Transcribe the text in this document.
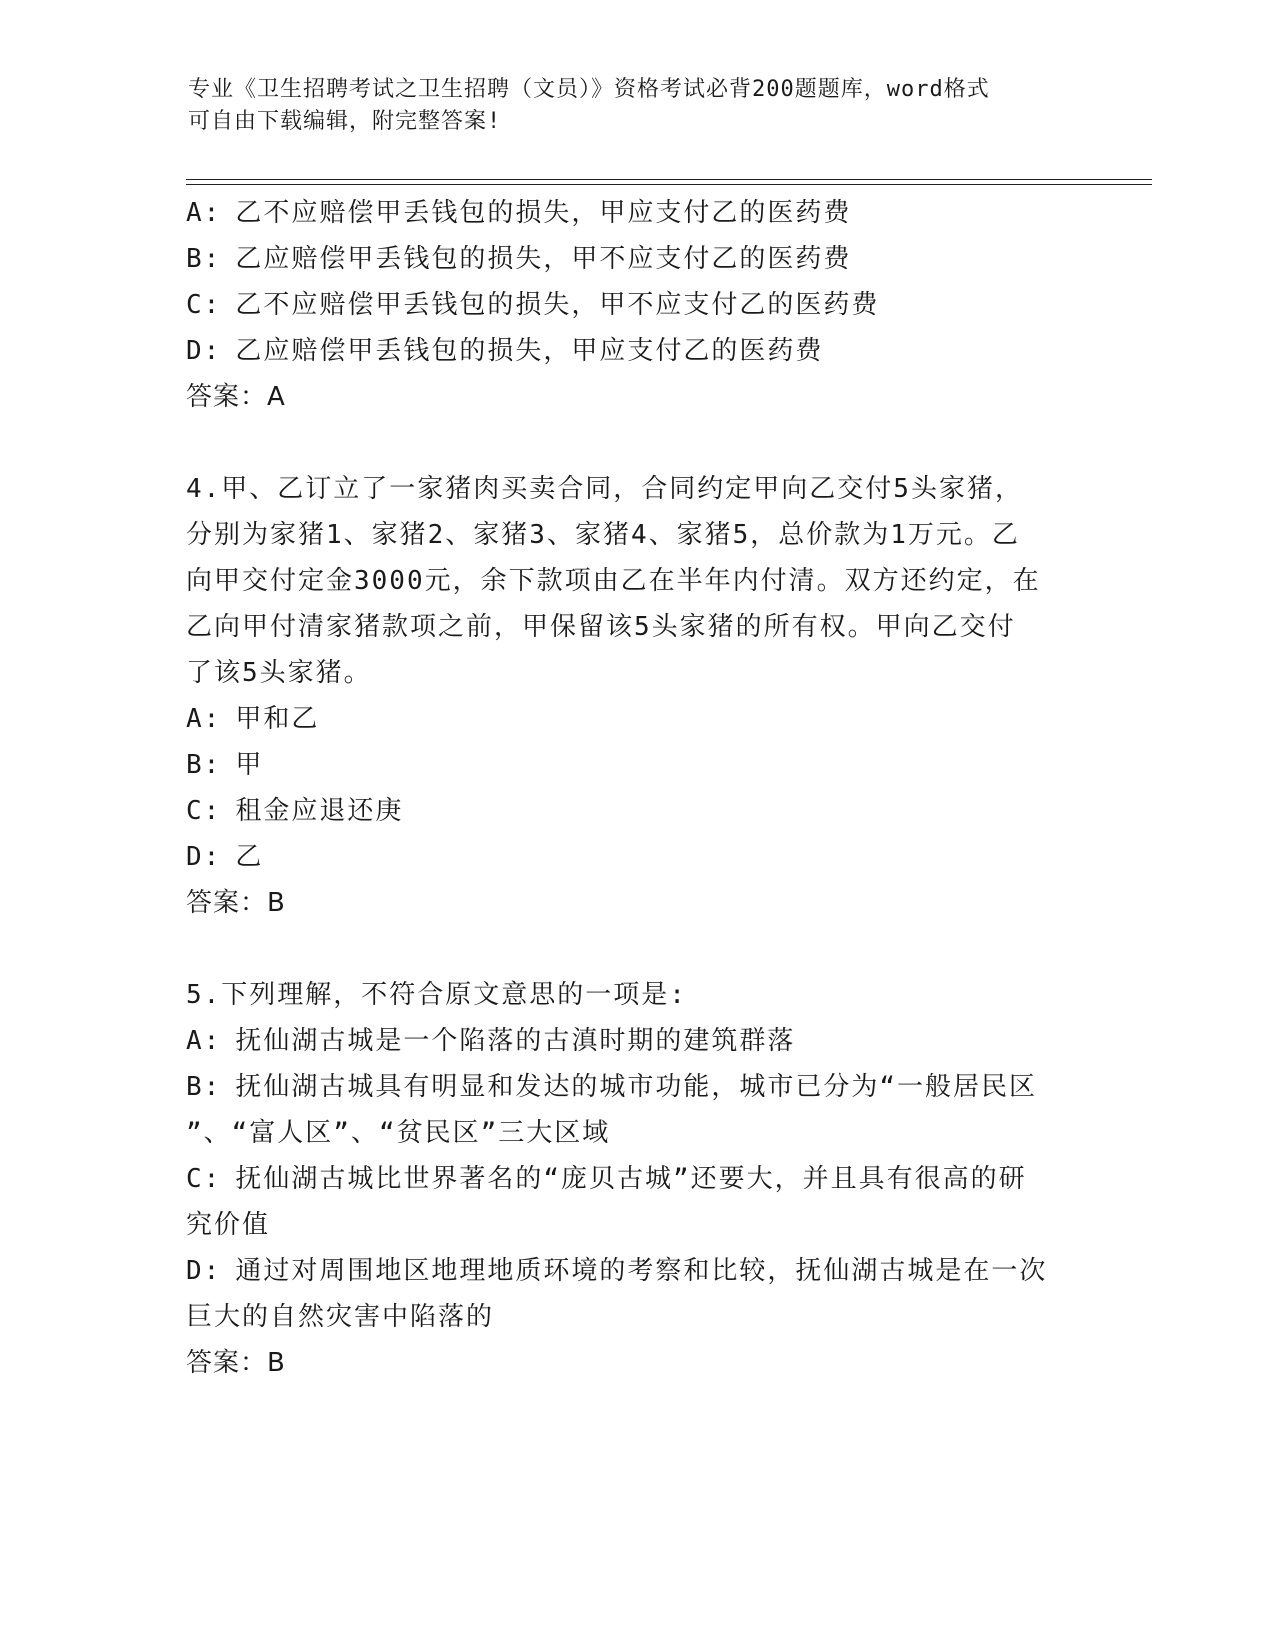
专业《卫生招聘考试之卫生招聘（文员）》资格考试必背200题题库，word格式
可自由下载编辑，附完整答案!
A: 乙不应赔偿甲丢钱包的损失，甲应支付乙的医药费
B: 乙应赔偿甲丢钱包的损失，甲不应支付乙的医药费
C: 乙不应赔偿甲丢钱包的损失，甲不应支付乙的医药费
D: 乙应赔偿甲丢钱包的损失，甲应支付乙的医药费
答案：A
4.甲、乙订立了一家猪肉买卖合同，合同约定甲向乙交付5头家猪，
分别为家猪1、家猪2、家猪3、家猪4、家猪5，总价款为1万元。乙
向甲交付定金3000元，余下款项由乙在半年内付清。双方还约定，在
乙向甲付清家猪款项之前，甲保留该5头家猪的所有权。甲向乙交付
了该5头家猪。
A: 甲和乙
B: 甲
C: 租金应退还庚
D: 乙
答案：B
5.下列理解，不符合原文意思的一项是:
A: 抚仙湖古城是一个陷落的古滇时期的建筑群落
B: 抚仙湖古城具有明显和发达的城市功能，城市已分为“一般居民区
”、“富人区”、“贫民区”三大区域
C: 抚仙湖古城比世界著名的“庞贝古城”还要大，并且具有很高的研
究价值
D: 通过对周围地区地理地质环境的考察和比较，抚仙湖古城是在一次
巨大的自然灾害中陷落的
答案：B
